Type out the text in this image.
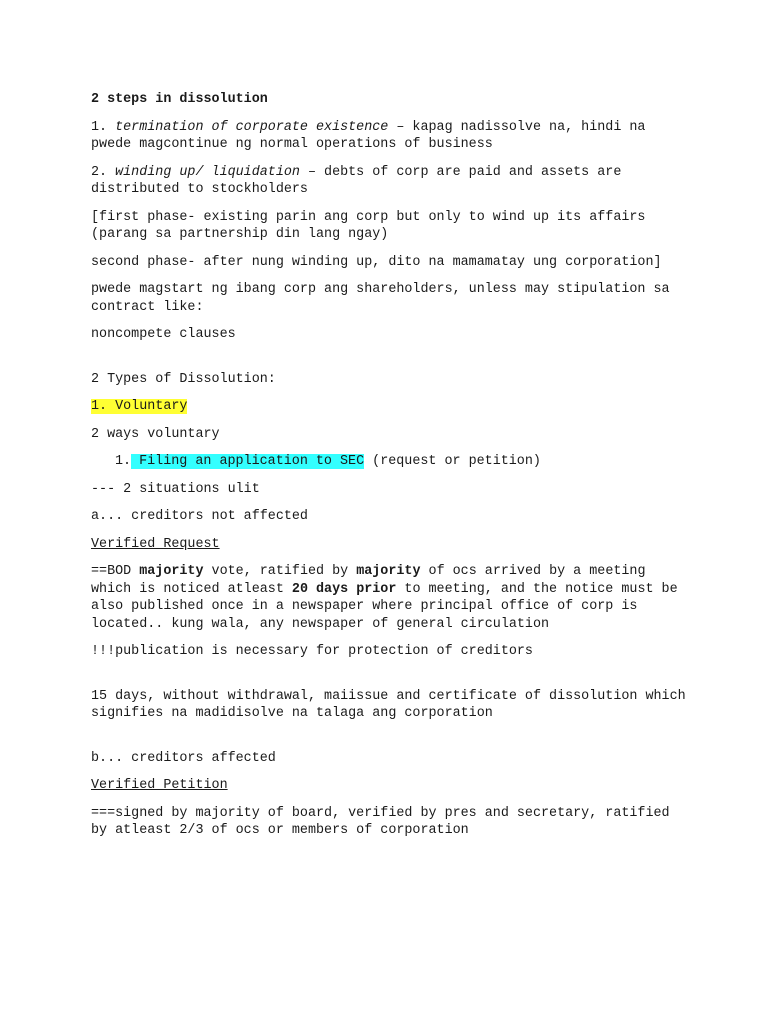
2 steps in dissolution

1. termination of corporate existence – kapag nadissolve na, hindi na pwede magcontinue ng normal operations of business

2. winding up/ liquidation – debts of corp are paid and assets are distributed to stockholders

[first phase- existing parin ang corp but only to wind up its affairs (parang sa partnership din lang ngay)

second phase- after nung winding up, dito na mamamatay ung corporation]

pwede magstart ng ibang corp ang shareholders, unless may stipulation sa contract like:

noncompete clauses

2 Types of Dissolution:

1. Voluntary

2 ways voluntary

1. Filing an application to SEC (request or petition)

--- 2 situations ulit

a... creditors not affected

Verified Request

==BOD majority vote, ratified by majority of ocs arrived by a meeting which is noticed atleast 20 days prior to meeting, and the notice must be also published once in a newspaper where principal office of corp is located.. kung wala, any newspaper of general circulation

!!!publication is necessary for protection of creditors

15 days, without withdrawal, maiissue and certificate of dissolution which signifies na madidisolve na talaga ang corporation

b... creditors affected

Verified Petition

===signed by majority of board, verified by pres and secretary, ratified by atleast 2/3 of ocs or members of corporation
